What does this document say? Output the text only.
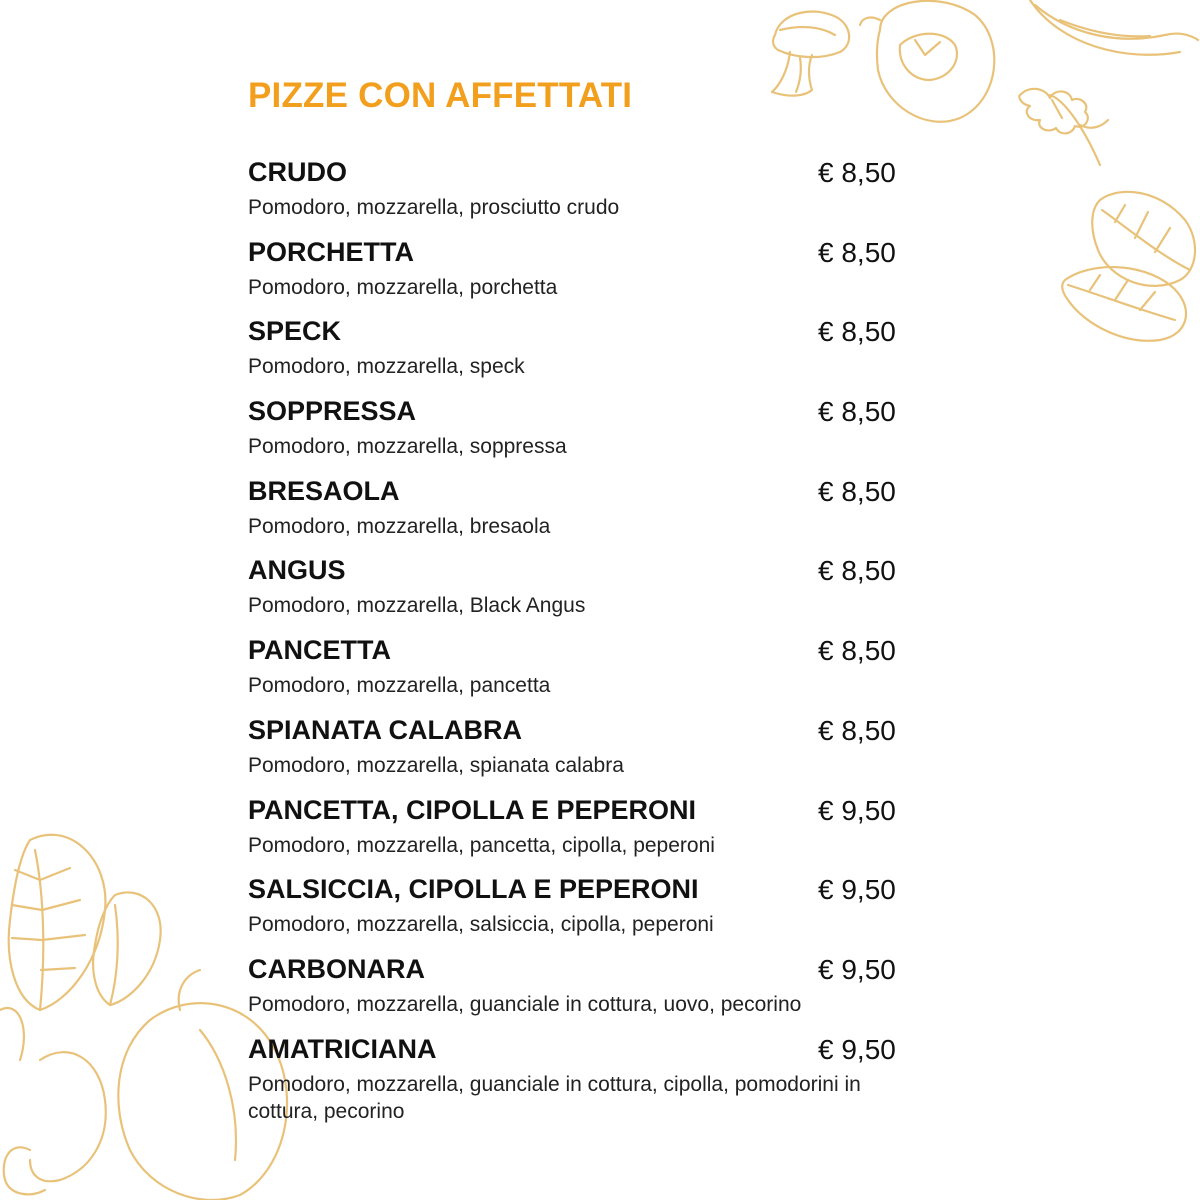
PIZZE CON AFFETTATI
CRUDO	€ 8,50
Pomodoro, mozzarella, prosciutto crudo
PORCHETTA	€ 8,50
Pomodoro, mozzarella, porchetta
SPECK	€ 8,50
Pomodoro, mozzarella, speck
SOPPRESSA	€ 8,50
Pomodoro, mozzarella, soppressa
BRESAOLA	€ 8,50
Pomodoro, mozzarella, bresaola
ANGUS	€ 8,50
Pomodoro, mozzarella, Black Angus
PANCETTA	€ 8,50
Pomodoro, mozzarella, pancetta
SPIANATA CALABRA	€ 8,50
Pomodoro, mozzarella, spianata calabra
PANCETTA, CIPOLLA E PEPERONI	€ 9,50
Pomodoro, mozzarella, pancetta, cipolla, peperoni
SALSICCIA, CIPOLLA E PEPERONI	€ 9,50
Pomodoro, mozzarella, salsiccia, cipolla, peperoni
CARBONARA	€ 9,50
Pomodoro, mozzarella, guanciale in cottura, uovo, pecorino
AMATRICIANA	€ 9,50
Pomodoro, mozzarella, guanciale in cottura, cipolla, pomodorini in cottura, pecorino
